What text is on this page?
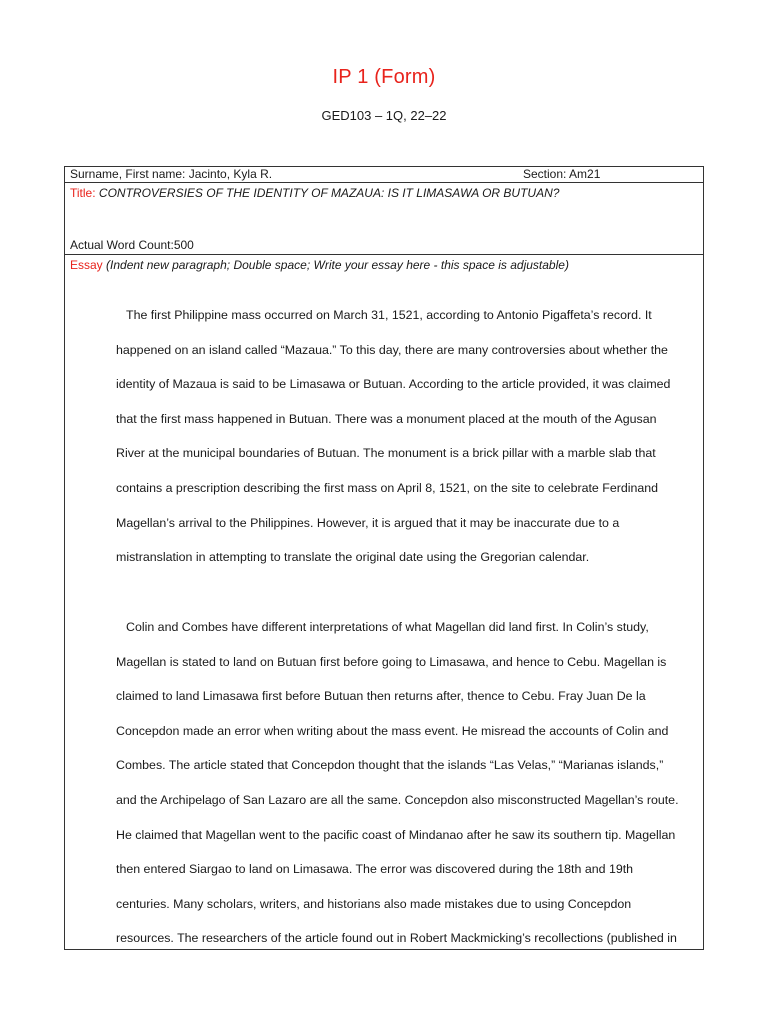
IP 1 (Form)
GED103 – 1Q, 22–22
Surname, First name: Jacinto, Kyla R.	Section: Am21
Title: CONTROVERSIES OF THE IDENTITY OF MAZAUA: IS IT LIMASAWA OR BUTUAN?
Actual Word Count:500
Essay (Indent new paragraph; Double space; Write your essay here - this space is adjustable)
The first Philippine mass occurred on March 31, 1521, according to Antonio Pigaffeta’s record. It
happened on an island called “Mazaua.” To this day, there are many controversies about whether the
identity of Mazaua is said to be Limasawa or Butuan. According to the article provided, it was claimed
that the first mass happened in Butuan. There was a monument placed at the mouth of the Agusan
River at the municipal boundaries of Butuan. The monument is a brick pillar with a marble slab that
contains a prescription describing the first mass on April 8, 1521, on the site to celebrate Ferdinand
Magellan’s arrival to the Philippines. However, it is argued that it may be inaccurate due to a
mistranslation in attempting to translate the original date using the Gregorian calendar.
Colin and Combes have different interpretations of what Magellan did land first. In Colin’s study,
Magellan is stated to land on Butuan first before going to Limasawa, and hence to Cebu. Magellan is
claimed to land Limasawa first before Butuan then returns after, thence to Cebu. Fray Juan De la
Concepdon made an error when writing about the mass event. He misread the accounts of Colin and
Combes. The article stated that Concepdon thought that the islands “Las Velas,” “Marianas islands,”
and the Archipelago of San Lazaro are all the same. Concepdon also misconstructed Magellan’s route.
He claimed that Magellan went to the pacific coast of Mindanao after he saw its southern tip. Magellan
then entered Siargao to land on Limasawa. The error was discovered during the 18th and 19th
centuries. Many scholars, writers, and historians also made mistakes due to using Concepdon
resources. The researchers of the article found out in Robert Mackmicking’s recollections (published in
